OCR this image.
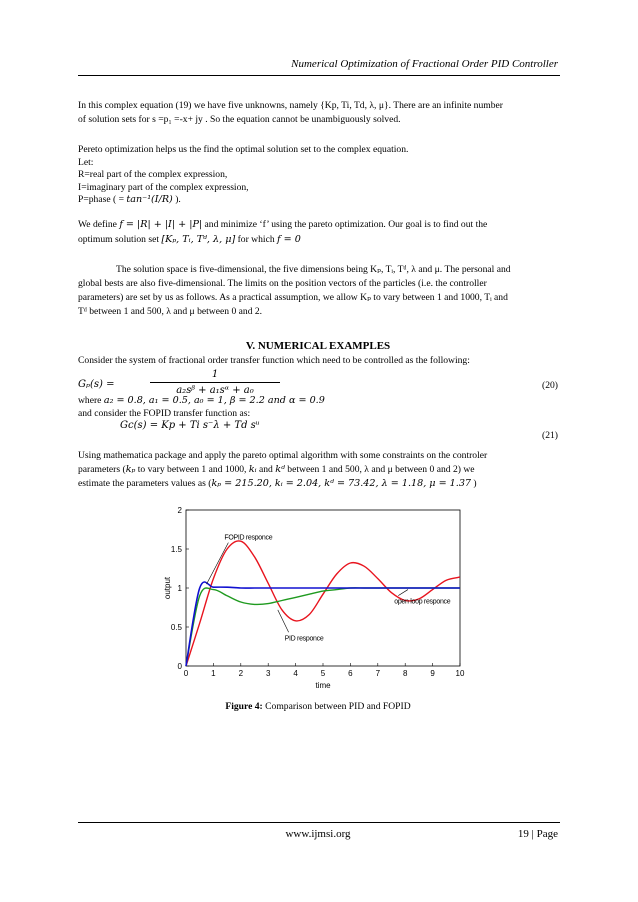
Numerical Optimization of Fractional Order PID Controller
In this complex equation (19) we have five unknowns, namely {Kp, Ti, Td, λ, μ}. There are an infinite number
of solution sets for s =p₁ =-x+ jy . So the equation cannot be unambiguously solved.
Pereto optimization helps us the find the optimal solution set to the complex equation.
Let:
R=real part of the complex expression,
I=imaginary part of the complex expression,
P=phase ( = tan⁻¹(I/R) ).
We define f = |R| + |I| + |P| and minimize ‘f’ using the pareto optimization. Our goal is to find out the
optimum solution set [Kₚ, Tᵢ, Tᵈ, λ, μ] for which f = 0
The solution space is five-dimensional, the five dimensions being Kₚ, Tᵢ, Tᵈ, λ and μ. The personal and
global bests are also five-dimensional. The limits on the position vectors of the particles (i.e. the controller
parameters) are set by us as follows. As a practical assumption, we allow Kₚ to vary between 1 and 1000, Tᵢ and
Tᵈ between 1 and 500, λ and μ between 0 and 2.
V. NUMERICAL EXAMPLES
Consider the system of fractional order transfer function which need to be controlled as the following:
Gₚ(s) =
1
a₂sᵝ + a₁sᵅ + a₀	(20)
where a₂ = 0.8, a₁ = 0.5, a₀ = 1, β = 2.2 and α = 0.9
and consider the FOPID transfer function as:
Gc(s) = Kp + Ti s⁻λ + Td sᵘ
(21)
Using mathematica package and apply the pareto optimal algorithm with some constraints on the controler
parameters (kₚ to vary between 1 and 1000, kᵢ and kᵈ between 1 and 500, λ and μ between 0 and 2) we
estimate the parameters values as (kₚ = 215.20, kᵢ = 2.04, kᵈ = 73.42, λ = 1.18, μ = 1.37 )
0	1	2	3	4	5	6	7	8	9	10
0
0.5
1
1.5
2
time
output
FOPID responce
PID responce
open loop responce
Figure 4: Comparison between PID and FOPID
www.ijmsi.org	19 | Page
